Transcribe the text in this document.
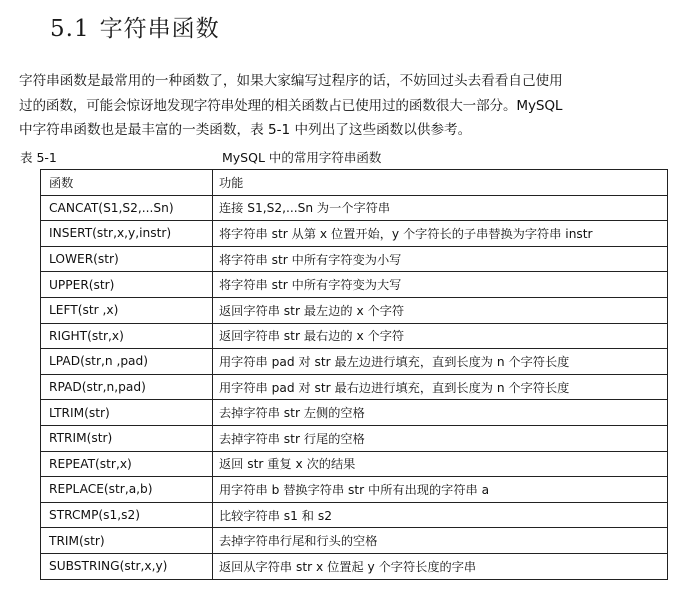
5.1 字符串函数
字符串函数是最常用的一种函数了，如果大家编写过程序的话，不妨回过头去看看自己使用
过的函数，可能会惊讶地发现字符串处理的相关函数占已使用过的函数很大一部分。MySQL
中字符串函数也是最丰富的一类函数，表 5-1 中列出了这些函数以供参考。
表 5-1	MySQL 中的常用字符串函数
函数	功能
CANCAT(S1,S2,...Sn)	连接 S1,S2,...Sn 为一个字符串
INSERT(str,x,y,instr)	将字符串 str 从第 x 位置开始，y 个字符长的子串替换为字符串 instr
LOWER(str)	将字符串 str 中所有字符变为小写
UPPER(str)	将字符串 str 中所有字符变为大写
LEFT(str ,x)	返回字符串 str 最左边的 x 个字符
RIGHT(str,x)	返回字符串 str 最右边的 x 个字符
LPAD(str,n ,pad)	用字符串 pad 对 str 最左边进行填充，直到长度为 n 个字符长度
RPAD(str,n,pad)	用字符串 pad 对 str 最右边进行填充，直到长度为 n 个字符长度
LTRIM(str)	去掉字符串 str 左侧的空格
RTRIM(str)	去掉字符串 str 行尾的空格
REPEAT(str,x)	返回 str 重复 x 次的结果
REPLACE(str,a,b)	用字符串 b 替换字符串 str 中所有出现的字符串 a
STRCMP(s1,s2)	比较字符串 s1 和 s2
TRIM(str)	去掉字符串行尾和行头的空格
SUBSTRING(str,x,y)	返回从字符串 str x 位置起 y 个字符长度的字串
